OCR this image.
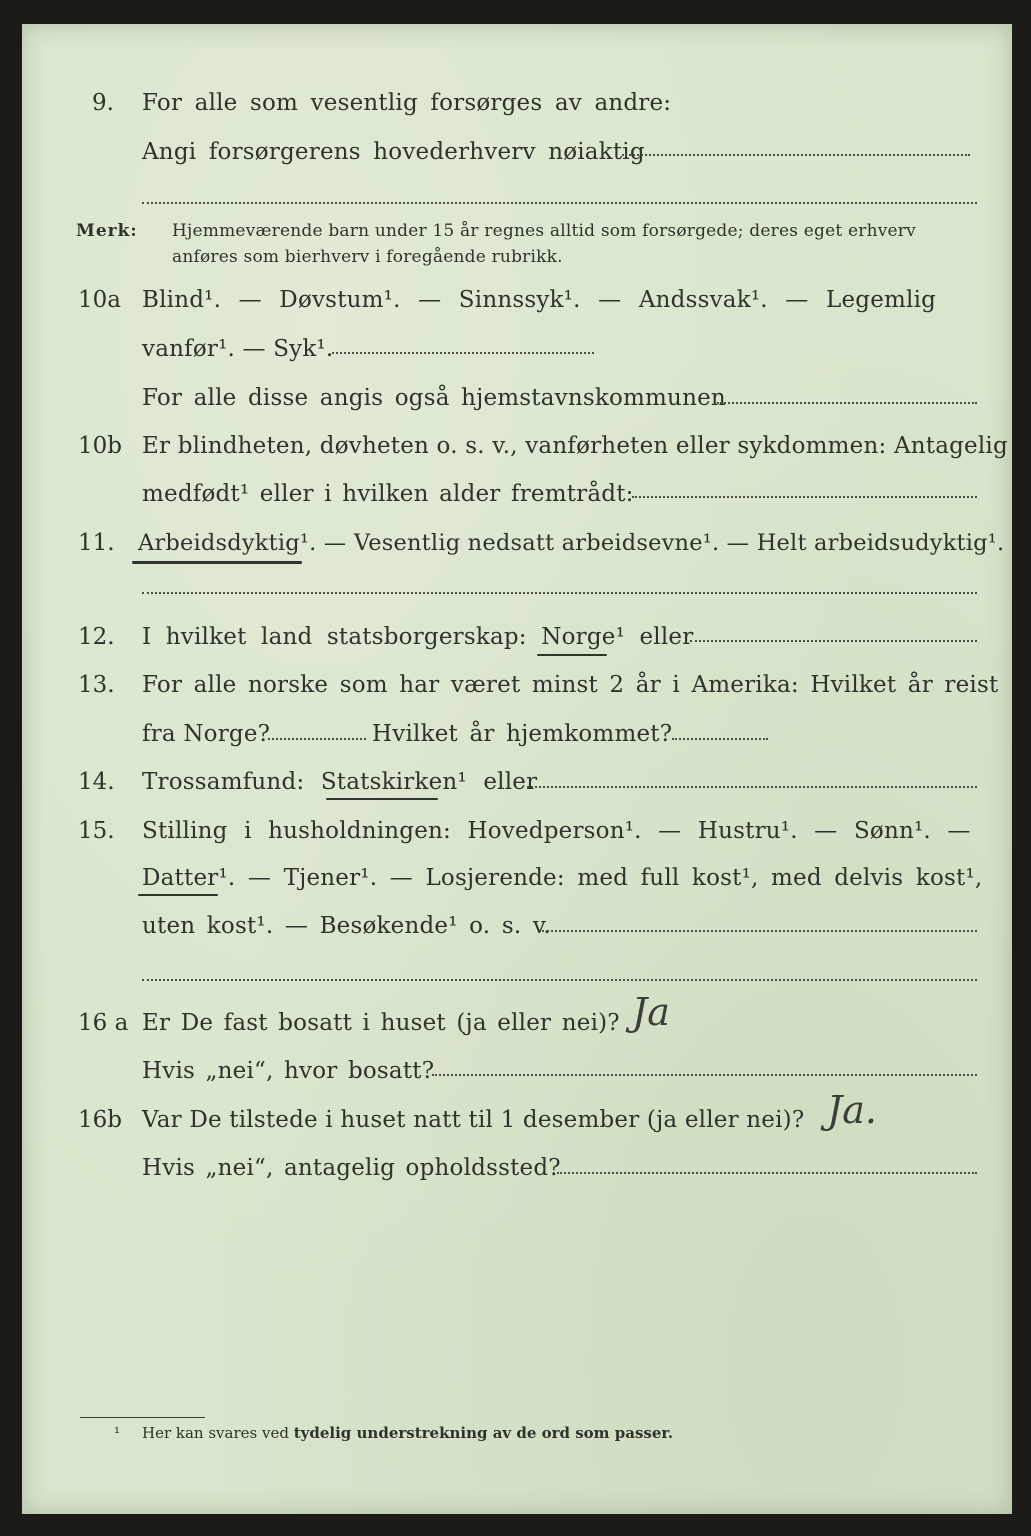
9. For alle som vesentlig forsørges av andre:
Angi forsørgerens hovederhverv nøiaktig
Merk: Hjemmeværende barn under 15 år regnes alltid som forsørgede; deres eget erhverv
anføres som bierhverv i foregående rubrikk.
10a Blind¹. — Døvstum¹. — Sinnssyk¹. — Andssvak¹. — Legemlig
vanfør¹. — Syk¹.
For alle disse angis også hjemstavnskommunen
10b Er blindheten, døvheten o. s. v., vanførheten eller sykdommen: Antagelig
medfødt¹ eller i hvilken alder fremtrådt:
11. Arbeidsdyktig¹. — Vesentlig nedsatt arbeidsevne¹. — Helt arbeidsudyktig¹.
12. I hvilket land statsborgerskap: Norge¹ eller
13. For alle norske som har været minst 2 år i Amerika: Hvilket år reist
fra Norge?	Hvilket år hjemkommet?
14. Trossamfund: Statskirken¹ eller
15. Stilling i husholdningen: Hovedperson¹. — Hustru¹. — Sønn¹. —
Datter¹. — Tjener¹. — Losjerende: med full kost¹, med delvis kost¹,
uten kost¹. — Besøkende¹ o. s. v.
16 a Er De fast bosatt i huset (ja eller nei)? Ja
Hvis „nei“, hvor bosatt?
16b Var De tilstede i huset natt til 1 desember (ja eller nei)? Ja.
Hvis „nei“, antagelig opholdssted?
¹ Her kan svares ved tydelig understrekning av de ord som passer.
